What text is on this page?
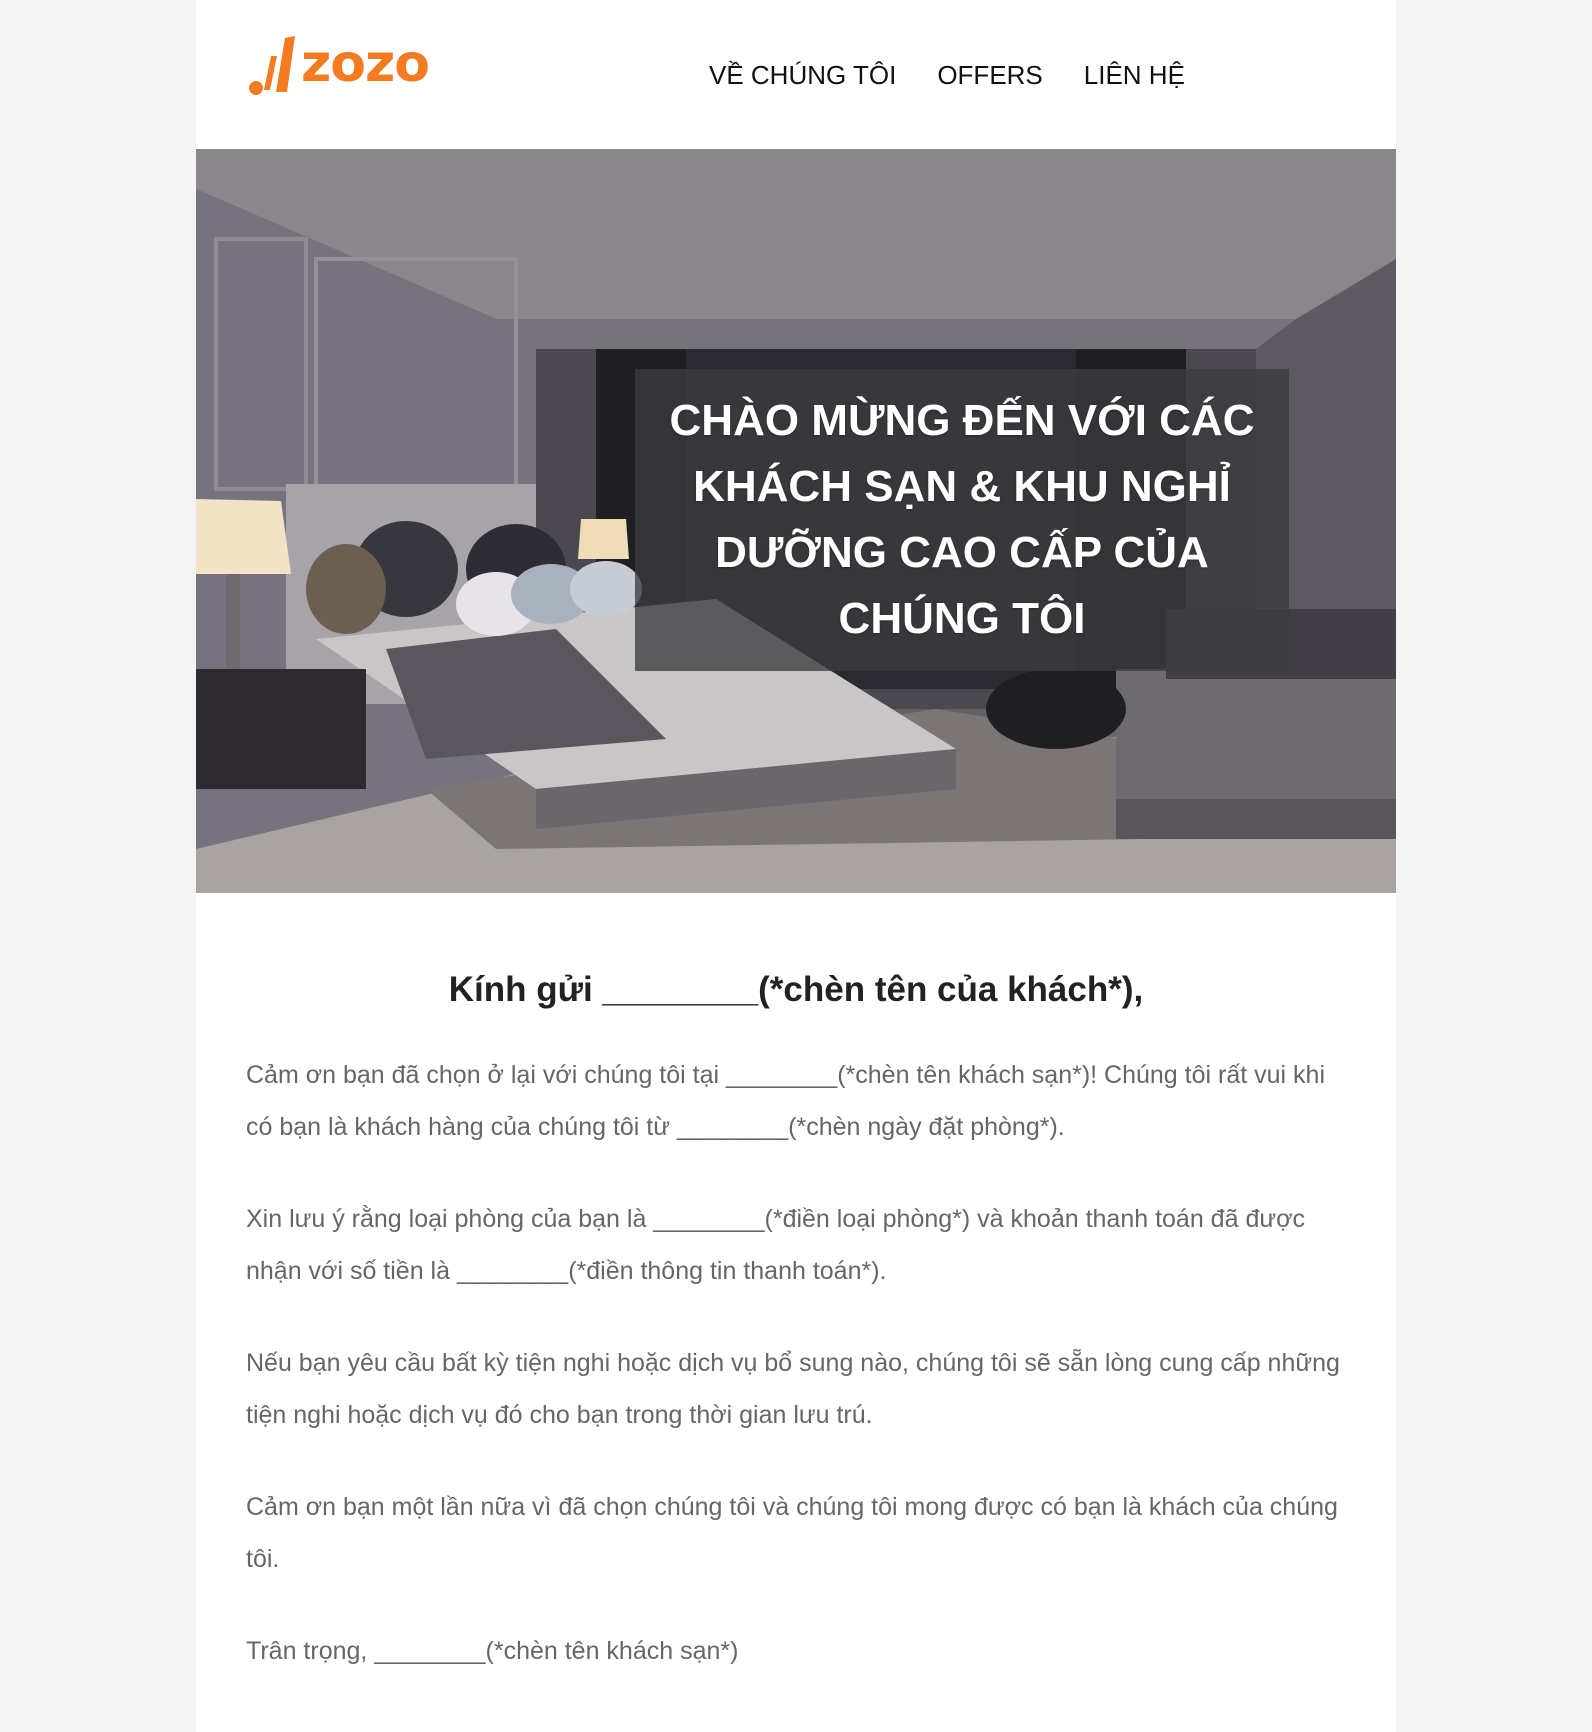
zozo	VỀ CHÚNG TÔI OFFERS LIÊN HỆ
CHÀO MỪNG ĐẾN VỚI CÁC KHÁCH SẠN & KHU NGHỈ DƯỠNG CAO CẤP CỦA CHÚNG TÔI
Kính gửi ________(*chèn tên của khách*),

Cảm ơn bạn đã chọn ở lại với chúng tôi tại ________(*chèn tên khách sạn*)! Chúng tôi rất vui khi có bạn là khách hàng của chúng tôi từ ________(*chèn ngày đặt phòng*).

Xin lưu ý rằng loại phòng của bạn là ________(*điền loại phòng*) và khoản thanh toán đã được nhận với số tiền là ________(*điền thông tin thanh toán*).

Nếu bạn yêu cầu bất kỳ tiện nghi hoặc dịch vụ bổ sung nào, chúng tôi sẽ sẵn lòng cung cấp những tiện nghi hoặc dịch vụ đó cho bạn trong thời gian lưu trú.

Cảm ơn bạn một lần nữa vì đã chọn chúng tôi và chúng tôi mong được có bạn là khách của chúng tôi.

Trân trọng, ________(*chèn tên khách sạn*)
